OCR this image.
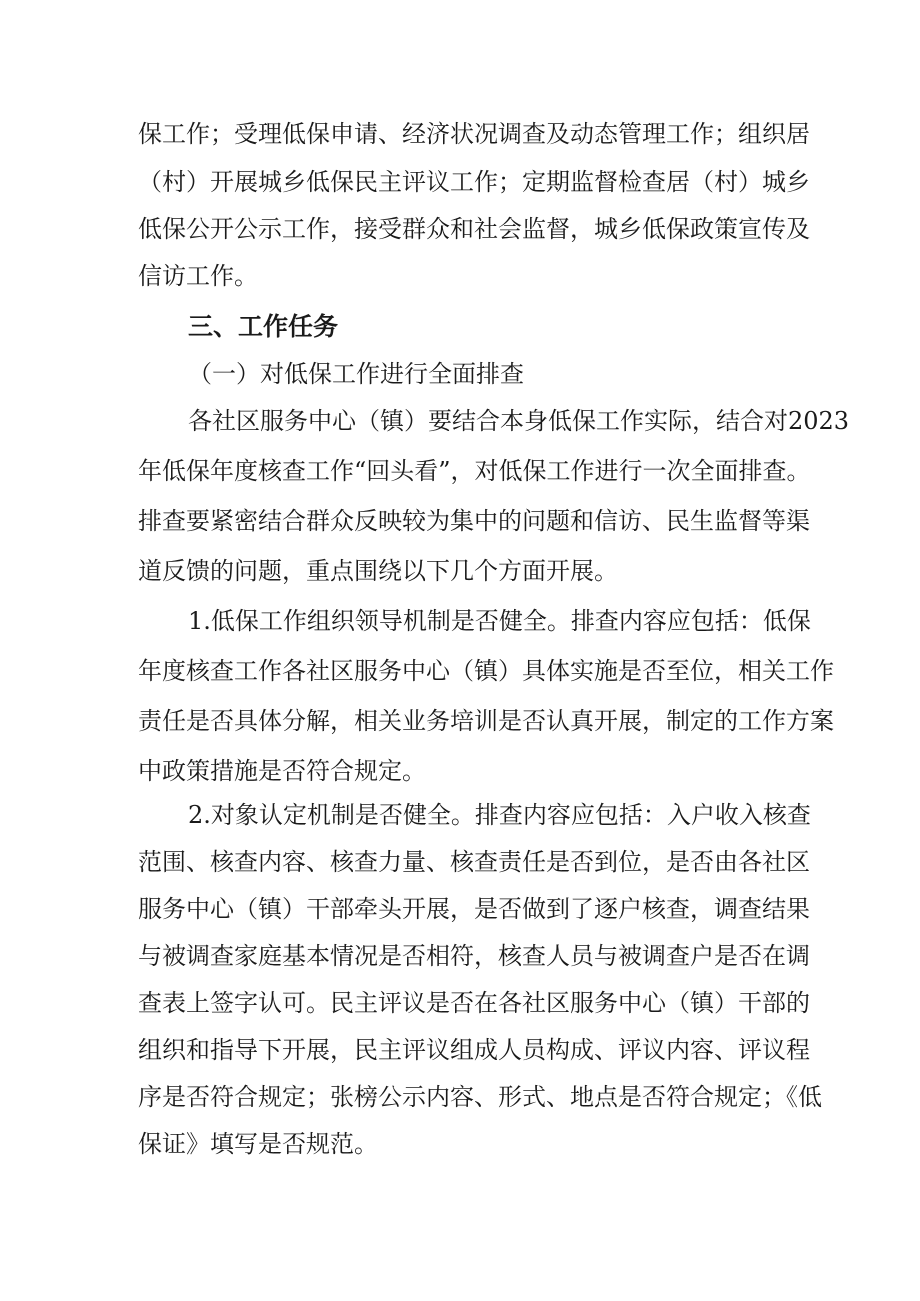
保工作；受理低保申请、经济状况调查及动态管理工作；组织居
（村）开展城乡低保民主评议工作；定期监督检查居（村）城乡
低保公开公示工作，接受群众和社会监督，城乡低保政策宣传及
信访工作。
三、工作任务
（一）对低保工作进行全面排查
各社区服务中心（镇）要结合本身低保工作实际，结合对2023
年低保年度核查工作“回头看”，对低保工作进行一次全面排查。
排查要紧密结合群众反映较为集中的问题和信访、民生监督等渠
道反馈的问题，重点围绕以下几个方面开展。
1.低保工作组织领导机制是否健全。排查内容应包括：低保
年度核查工作各社区服务中心（镇）具体实施是否至位，相关工作
责任是否具体分解，相关业务培训是否认真开展，制定的工作方案
中政策措施是否符合规定。
2.对象认定机制是否健全。排查内容应包括：入户收入核查
范围、核查内容、核查力量、核查责任是否到位，是否由各社区
服务中心（镇）干部牵头开展，是否做到了逐户核查，调查结果
与被调查家庭基本情况是否相符，核查人员与被调查户是否在调
查表上签字认可。民主评议是否在各社区服务中心（镇）干部的
组织和指导下开展，民主评议组成人员构成、评议内容、评议程
序是否符合规定；张榜公示内容、形式、地点是否符合规定；《低
保证》填写是否规范。
